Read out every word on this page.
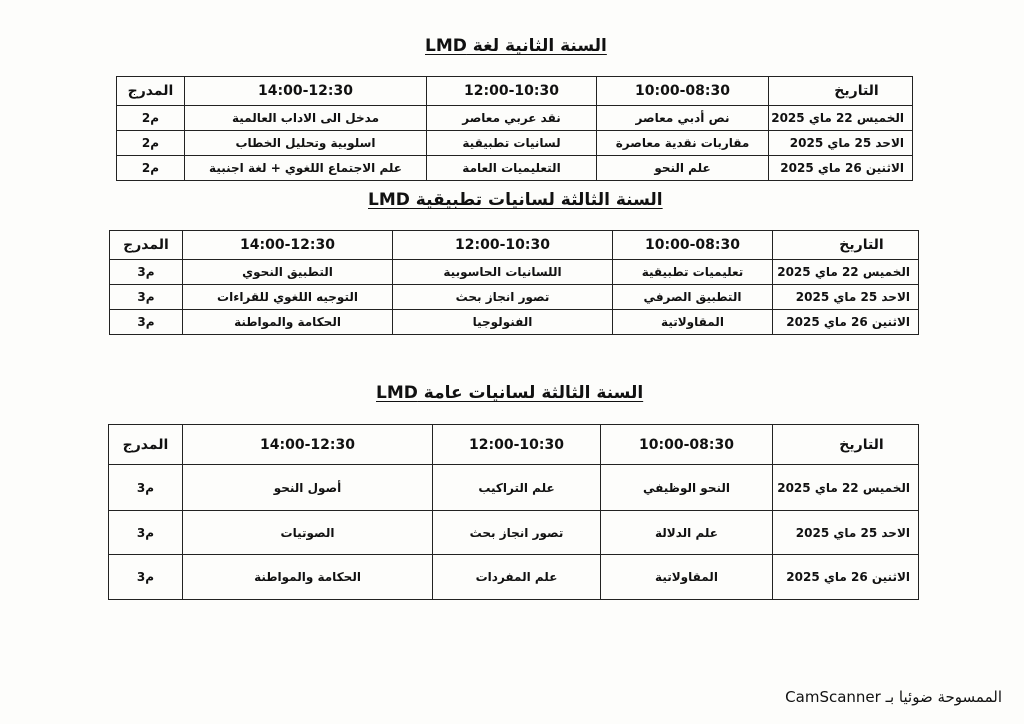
السنة الثانية لغة LMD
التاريخ	10:00-08:30	12:00-10:30	14:00-12:30	المدرج
الخميس 22 ماي 2025	نص أدبي معاصر	نقد عربي معاصر	مدخل الى الاداب العالمية	م2
الاحد 25 ماي 2025	مقاربات نقدية معاصرة	لسانيات تطبيقية	اسلوبية وتحليل الخطاب	م2
الاثنين 26 ماي 2025	علم النحو	التعليميات العامة	علم الاجتماع اللغوي + لغة اجنبية	م2
السنة الثالثة لسانيات تطبيقية LMD
التاريخ	10:00-08:30	12:00-10:30	14:00-12:30	المدرج
الخميس 22 ماي 2025	تعليميات تطبيقية	اللسانيات الحاسوبية	التطبيق النحوي	م3
الاحد 25 ماي 2025	التطبيق الصرفي	تصور انجاز بحث	التوجيه اللغوي للقراءات	م3
الاثنين 26 ماي 2025	المقاولاتية	الفنولوجيا	الحكامة والمواطنة	م3
السنة الثالثة لسانيات عامة LMD
التاريخ	10:00-08:30	12:00-10:30	14:00-12:30	المدرج
الخميس 22 ماي 2025	النحو الوظيفي	علم التراكيب	أصول النحو	م3
الاحد 25 ماي 2025	علم الدلالة	تصور انجاز بحث	الصوتيات	م3
الاثنين 26 ماي 2025	المقاولاتية	علم المفردات	الحكامة والمواطنة	م3
الممسوحة ضوئيا بـ CamScanner
